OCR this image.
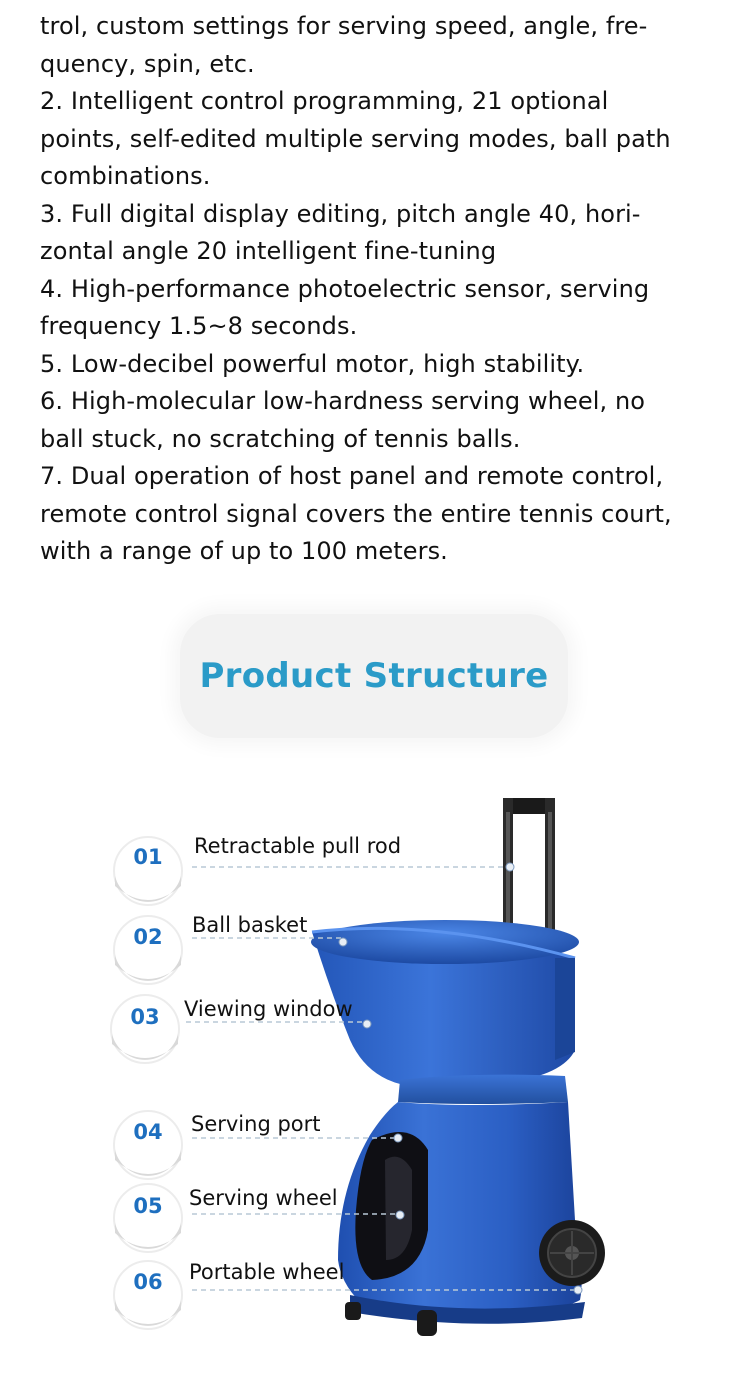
trol, custom settings for serving speed, angle, fre-
quency, spin, etc.
2. Intelligent control programming, 21 optional
points, self-edited multiple serving modes, ball path
combinations.
3. Full digital display editing, pitch angle 40, hori-
zontal angle 20 intelligent fine-tuning
4. High-performance photoelectric sensor, serving
frequency 1.5~8 seconds.
5. Low-decibel powerful motor, high stability.
6. High-molecular low-hardness serving wheel, no
ball stuck, no scratching of tennis balls.
7. Dual operation of host panel and remote control,
remote control signal covers the entire tennis court,
with a range of up to 100 meters.
Product Structure
01
02
03
04
05
06
Retractable pull rod
Ball basket
Viewing window
Serving port
Serving wheel
Portable wheel
